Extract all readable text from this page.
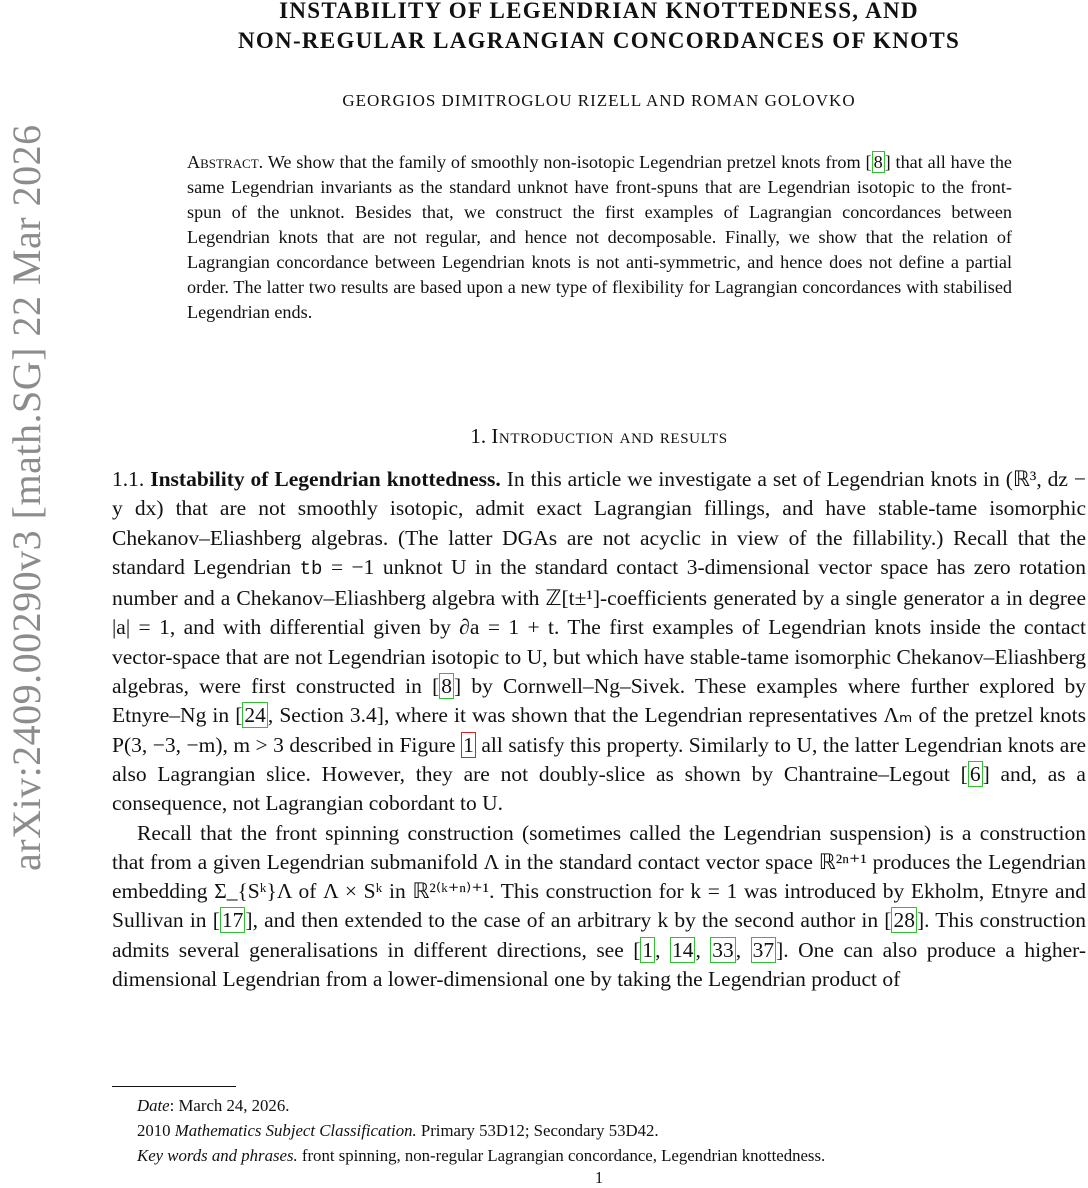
arXiv:2409.00290v3 [math.SG] 22 Mar 2026
INSTABILITY OF LEGENDRIAN KNOTTEDNESS, AND
NON-REGULAR LAGRANGIAN CONCORDANCES OF KNOTS
GEORGIOS DIMITROGLOU RIZELL AND ROMAN GOLOVKO
Abstract. We show that the family of smoothly non-isotopic Legendrian pretzel knots from [ 8 ] that all have the same Legendrian invariants as the standard unknot have front-spuns that are Legendrian isotopic to the front-spun of the unknot. Besides that, we construct the first examples of Lagrangian concordances between Legendrian knots that are not regular, and hence not decomposable. Finally, we show that the relation of Lagrangian concordance between Legendrian knots is not anti-symmetric, and hence does not define a partial order. The latter two results are based upon a new type of flexibility for Lagrangian concordances with stabilised Legendrian ends.
1. Introduction and results

1.1. Instability of Legendrian knottedness. In this article we investigate a set of Legendrian knots in (ℝ³, dz − y dx) that are not smoothly isotopic, admit exact Lagrangian fillings, and have stable-tame isomorphic Chekanov–Eliashberg algebras. (The latter DGAs are not acyclic in view of the fillability.) Recall that the standard Legendrian tb = −1 unknot U in the standard contact 3-dimensional vector space has zero rotation number and a Chekanov–Eliashberg algebra with ℤ[t±¹]-coefficients generated by a single generator a in degree |a| = 1, and with differential given by ∂a = 1 + t. The first examples of Legendrian knots inside the contact vector-space that are not Legendrian isotopic to U, but which have stable-tame isomorphic Chekanov–Eliashberg algebras, were first constructed in [8] by Cornwell–Ng–Sivek. These examples where further explored by Etnyre–Ng in [24, Section 3.4], where it was shown that the Legendrian representatives Λₘ of the pretzel knots P(3, −3, −m), m > 3 described in Figure 1 all satisfy this property. Similarly to U, the latter Legendrian knots are also Lagrangian slice. However, they are not doubly-slice as shown by Chantraine–Legout [6] and, as a consequence, not Lagrangian cobordant to U.

Recall that the front spinning construction (sometimes called the Legendrian suspension) is a construction that from a given Legendrian submanifold Λ in the standard contact vector space ℝ²ⁿ⁺¹ produces the Legendrian embedding Σ_{Sᵏ}Λ of Λ × Sᵏ in ℝ²⁽ᵏ⁺ⁿ⁾⁺¹. This construction for k = 1 was introduced by Ekholm, Etnyre and Sullivan in [17], and then extended to the case of an arbitrary k by the second author in [28]. This construction admits several generalisations in different directions, see [1, 14, 33, 37]. One can also produce a higher-dimensional Legendrian from a lower-dimensional one by taking the Legendrian product of

Date: March 24, 2026.
2010 Mathematics Subject Classification. Primary 53D12; Secondary 53D42.
Key words and phrases. front spinning, non-regular Lagrangian concordance, Legendrian knottedness.
1
